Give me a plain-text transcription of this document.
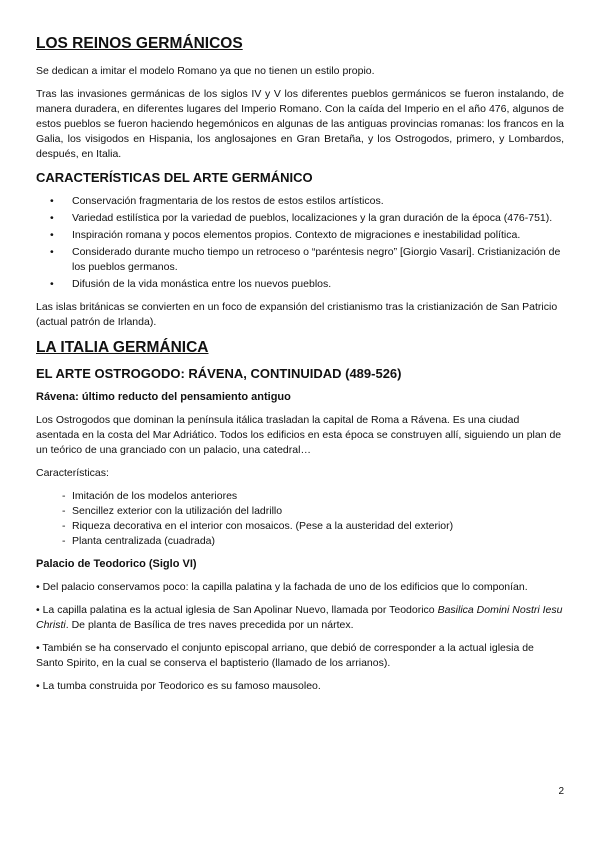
LOS REINOS GERMÁNICOS

Se dedican a imitar el modelo Romano ya que no tienen un estilo propio.

Tras las invasiones germánicas de los siglos IV y V los diferentes pueblos germánicos se fueron instalando, de manera duradera, en diferentes lugares del Imperio Romano. Con la caída del Imperio en el año 476, algunos de estos pueblos se fueron haciendo hegemónicos en algunas de las antiguas provincias romanas: los francos en la Galia, los visigodos en Hispania, los anglosajones en Gran Bretaña, y los Ostrogodos, primero, y Lombardos, después, en Italia.

CARACTERÍSTICAS DEL ARTE GERMÁNICO
• Conservación fragmentaria de los restos de estos estilos artísticos.
• Variedad estilística por la variedad de pueblos, localizaciones y la gran duración de la época (476-751).
• Inspiración romana y pocos elementos propios. Contexto de migraciones e inestabilidad política.
• Considerado durante mucho tiempo un retroceso o “paréntesis negro” [Giorgio Vasari]. Cristianización de los pueblos germanos.
• Difusión de la vida monástica entre los nuevos pueblos.

Las islas británicas se convierten en un foco de expansión del cristianismo tras la cristianización de San Patricio (actual patrón de Irlanda).

LA ITALIA GERMÁNICA
EL ARTE OSTROGODO: RÁVENA, CONTINUIDAD (489-526)
Rávena: último reducto del pensamiento antiguo

Los Ostrogodos que dominan la península itálica trasladan la capital de Roma a Rávena. Es una ciudad asentada en la costa del Mar Adriático. Todos los edificios en esta época se construyen allí, siguiendo un plan de un teórico de una granciado con un palacio, una catedral…

Características:

- Imitación de los modelos anteriores
- Sencillez exterior con la utilización del ladrillo
- Riqueza decorativa en el interior con mosaicos. (Pese a la austeridad del exterior)
- Planta centralizada (cuadrada)
Palacio de Teodorico (Siglo VI)

• Del palacio conservamos poco: la capilla palatina y la fachada de uno de los edificios que lo componían.

• La capilla palatina es la actual iglesia de San Apolinar Nuevo, llamada por Teodorico Basilica Domini Nostri Iesu Christi. De planta de Basílica de tres naves precedida por un nártex.

• También se ha conservado el conjunto episcopal arriano, que debió de corresponder a la actual iglesia de Santo Spirito, en la cual se conserva el baptisterio (llamado de los arrianos).

• La tumba construida por Teodorico es su famoso mausoleo.

2
